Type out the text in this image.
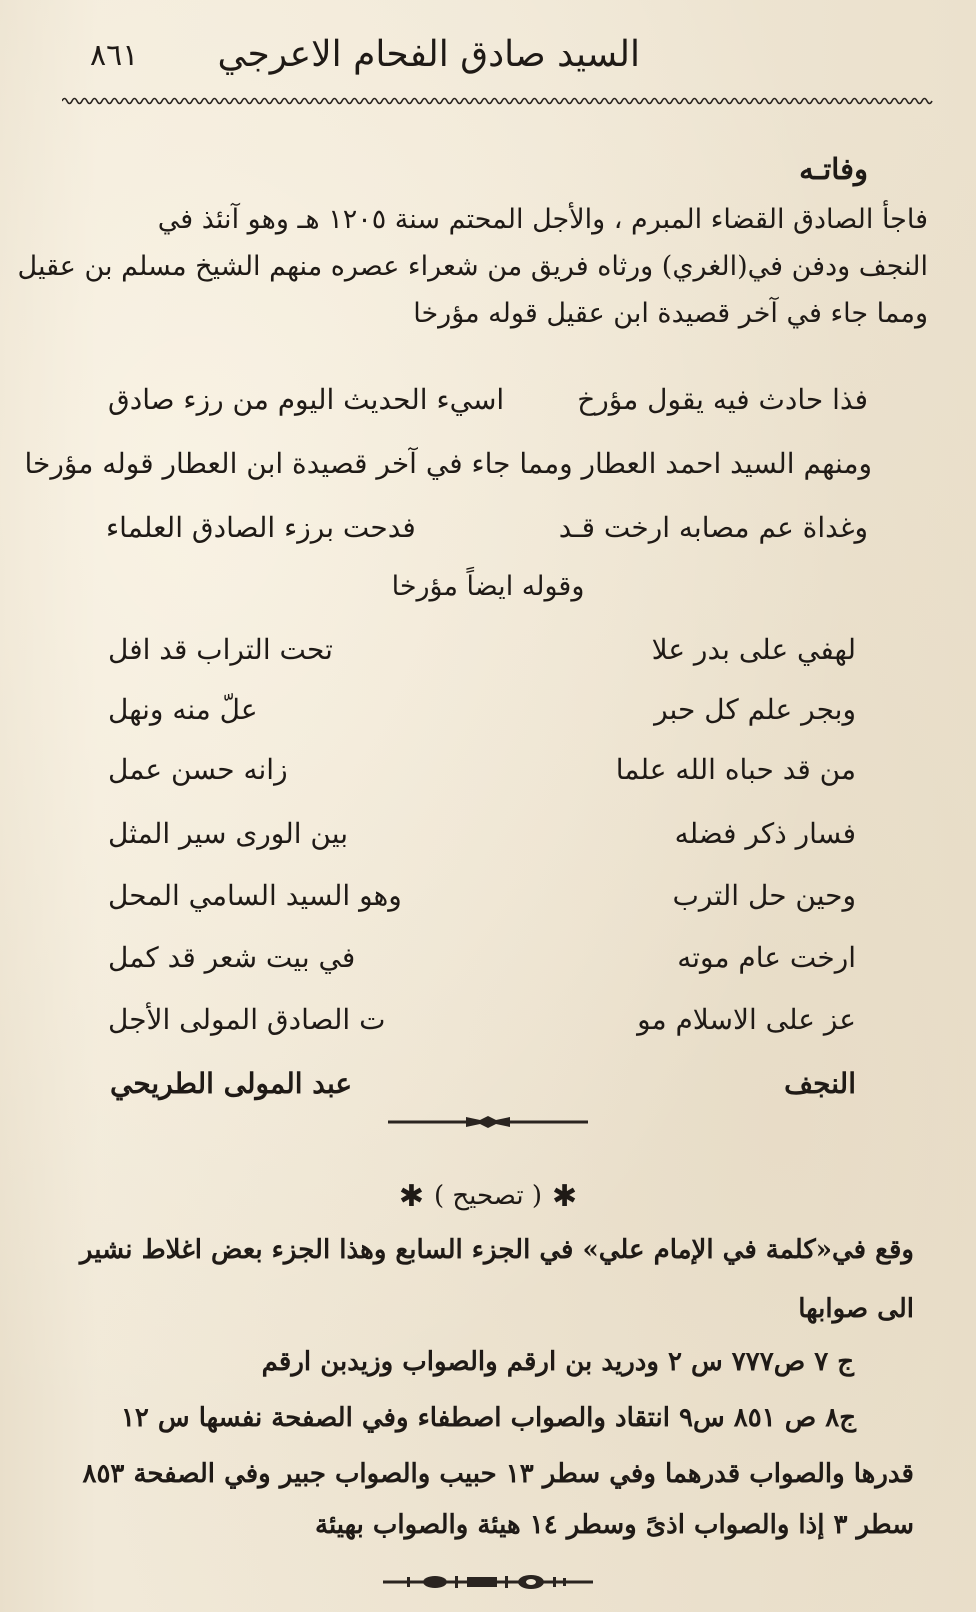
السيد صادق الفحام الاعرجي
٨٦١
وفاتـه
فاجأ الصادق القضاء المبرم ، والأجل المحتم سنة ١٢٠٥ هـ وهو آنئذ في
النجف ودفن في(الغري) ورثاه فريق من شعراء عصره منهم الشيخ مسلم بن عقيل
ومما جاء في آخر قصيدة ابن عقيل قوله مؤرخا
فذا حادث فيه يقول مؤرخ
اسيء الحديث اليوم من رزء صادق
ومنهم السيد احمد العطار ومما جاء في آخر قصيدة ابن العطار قوله مؤرخا
وغداة عم مصابه ارخت قـد
فدحت برزء الصادق العلماء
وقوله ايضاً مؤرخا
لهفي على بدر علا
تحت التراب قد افل
وبجر علم كل حبر
علّ منه ونهل
من قد حباه الله علما
زانه حسن عمل
فسار ذكر فضله
بين الورى سير المثل
وحين حل الترب
وهو السيد السامي المحل
ارخت عام موته
في بيت شعر قد كمل
عز على الاسلام مو
ت الصادق المولى الأجل
النجف
عبد المولى الطريحي
✱( تصحيح )✱
وقع في«كلمة في الإمام علي» في الجزء السابع وهذا الجزء بعض اغلاط نشير
الى صوابها
ج ٧ ص٧٧٧ س ٢ ودريد بن ارقم والصواب وزيدبن ارقم
ج٨ ص ٨٥١ س٩ انتقاد والصواب اصطفاء وفي الصفحة نفسها س ١٢
قدرها والصواب قدرهما وفي سطر ١٣ حبيب والصواب جبير وفي الصفحة ٨٥٣
سطر ٣ إذا والصواب اذىً وسطر ١٤ هيئة والصواب بهيئة
